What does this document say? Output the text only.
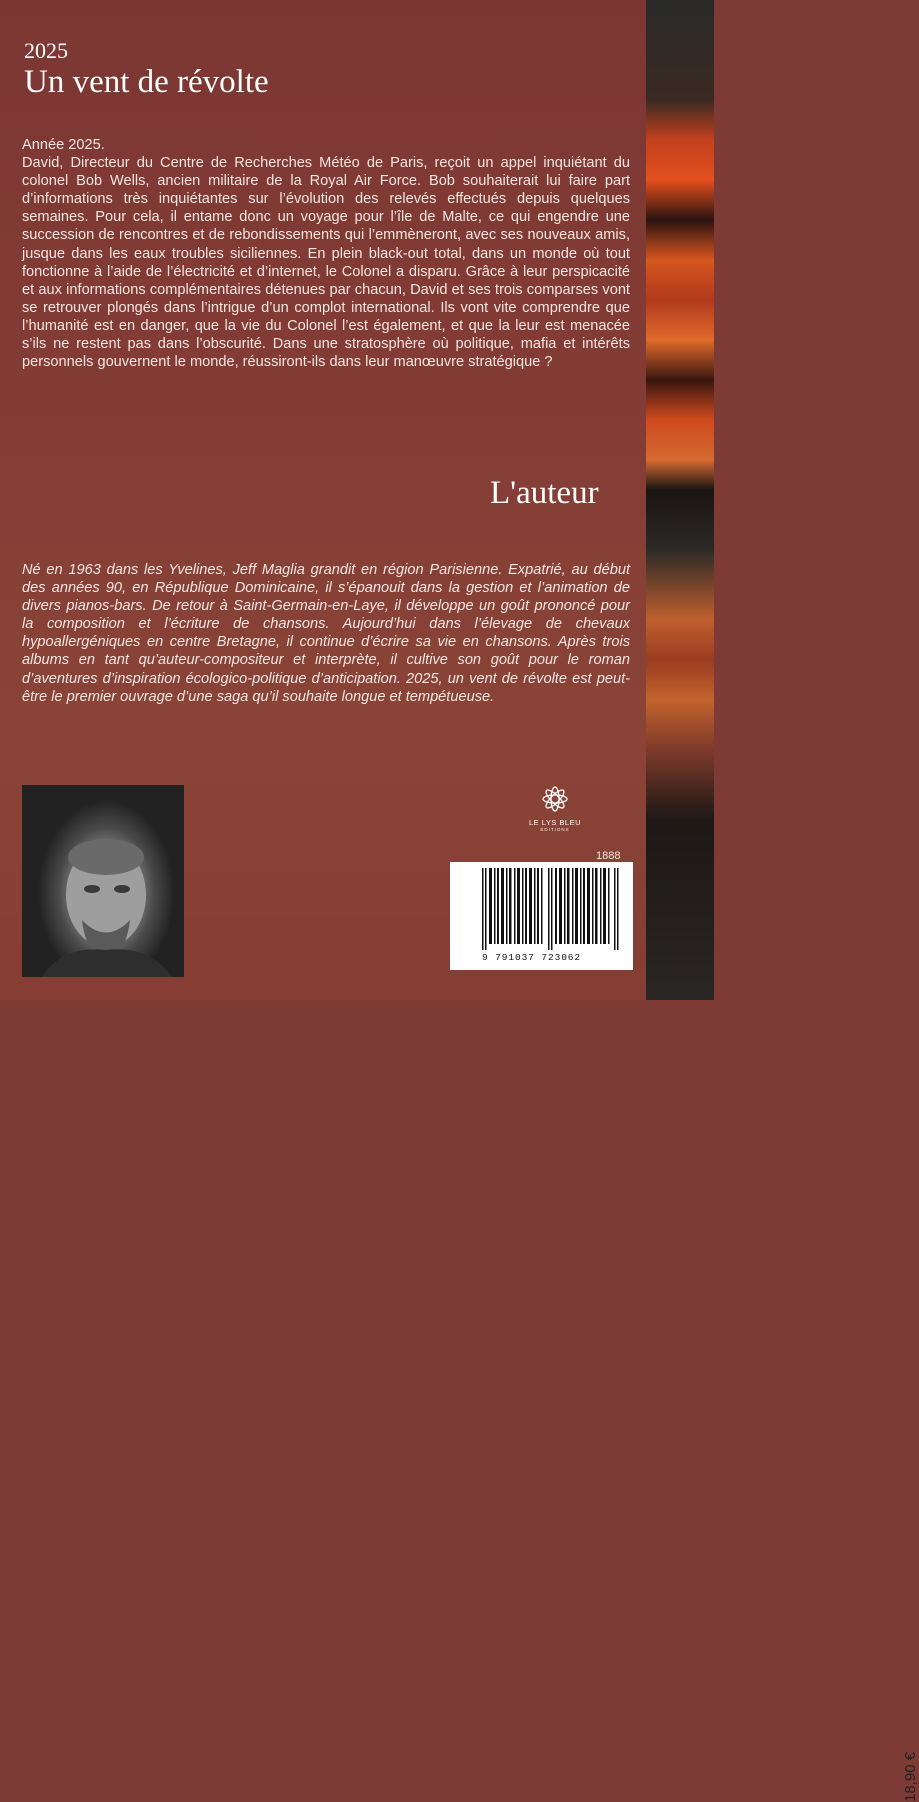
2025
Un vent de révolte

Année 2025.

David, Directeur du Centre de Recherches Météo de Paris, reçoit un appel inquiétant du colonel Bob Wells, ancien militaire de la Royal Air Force. Bob souhaiterait lui faire part d’informations très inquiétantes sur l’évolution des relevés effectués depuis quelques semaines. Pour cela, il entame donc un voyage pour l’île de Malte, ce qui engendre une succession de rencontres et de rebondissements qui l’emmèneront, avec ses nouveaux amis, jusque dans les eaux troubles siciliennes. En plein black-out total, dans un monde où tout fonctionne à l’aide de l’électricité et d’internet, le Colonel a disparu. Grâce à leur perspicacité et aux informations complémentaires détenues par chacun, David et ses trois comparses vont se retrouver plongés dans l’intrigue d’un complot international. Ils vont vite comprendre que l’humanité est en danger, que la vie du Colonel l’est également, et que la leur est menacée s’ils ne restent pas dans l’obscurité. Dans une stratosphère où politique, mafia et intérêts personnels gouvernent le monde, réussiront-ils dans leur manœuvre stratégique ?

L'auteur

Né en 1963 dans les Yvelines, Jeff Maglia grandit en région Parisienne. Expatrié, au début des années 90, en République Dominicaine, il s’épanouit dans la gestion et l’animation de divers pianos-bars. De retour à Saint-Germain-en-Laye, il développe un goût prononcé pour la composition et l’écriture de chansons. Aujourd’hui dans l’élevage de chevaux hypoallergéniques en centre Bretagne, il continue d’écrire sa vie en chansons. Après trois albums en tant qu’auteur-compositeur et interprète, il cultive son goût pour le roman d’aventures d’inspiration écologico-politique d’anticipation. 2025, un vent de révolte est peut-être le premier ouvrage d’une saga qu’il souhaite longue et tempétueuse.

LE LYS BLEU
ÉDITIONS
1888
18,90 €
9 791037 723062
